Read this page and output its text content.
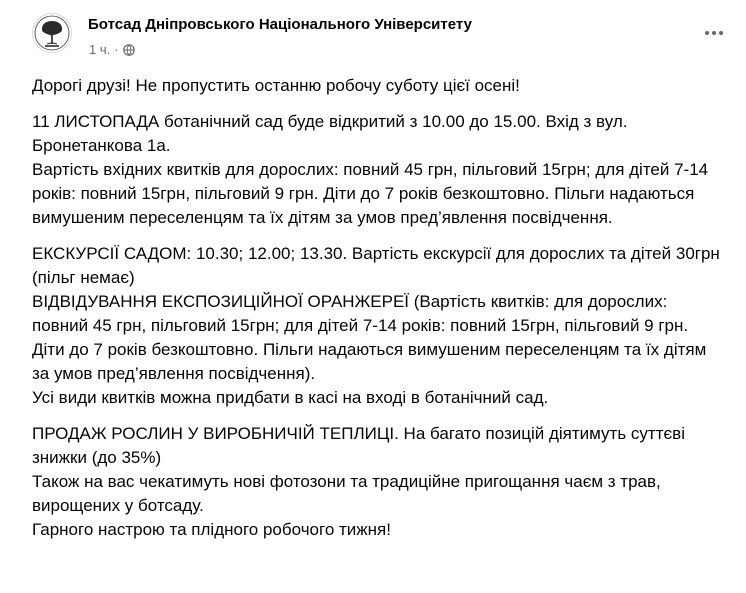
Ботсад Дніпровського Національного Університету
1 ч. ·

Дорогі друзі! Не пропустить останню робочу суботу цієї осені!

11 ЛИСТОПАДА ботанічний сад буде відкритий з 10.00 до 15.00. Вхід з вул. Бронетанкова 1а.

Вартість вхідних квитків для дорослих: повний 45 грн, пільговий 15грн; для дітей 7-14 років: повний 15грн, пільговий 9 грн. Діти до 7 років безкоштовно. Пільги надаються вимушеним переселенцям та їх дітям за умов пред’явлення посвідчення.

ЕКСКУРСІЇ САДОМ: 10.30; 12.00; 13.30. Вартість екскурсії для дорослих та дітей 30грн (пільг немає)

ВІДВІДУВАННЯ ЕКСПОЗИЦІЙНОЇ ОРАНЖЕРЕЇ (Вартість квитків: для дорослих: повний 45 грн, пільговий 15грн; для дітей 7-14 років: повний 15грн, пільговий 9 грн. Діти до 7 років безкоштовно. Пільги надаються вимушеним переселенцям та їх дітям за умов пред’явлення посвідчення).

Усі види квитків можна придбати в касі на вході в ботанічний сад.

ПРОДАЖ РОСЛИН У ВИРОБНИЧІЙ ТЕПЛИЦІ. На багато позицій діятимуть суттєві знижки (до 35%)

Також на вас чекатимуть нові фотозони та традиційне пригощання чаєм з трав, вирощених у ботсаду.

Гарного настрою та плідного робочого тижня!
